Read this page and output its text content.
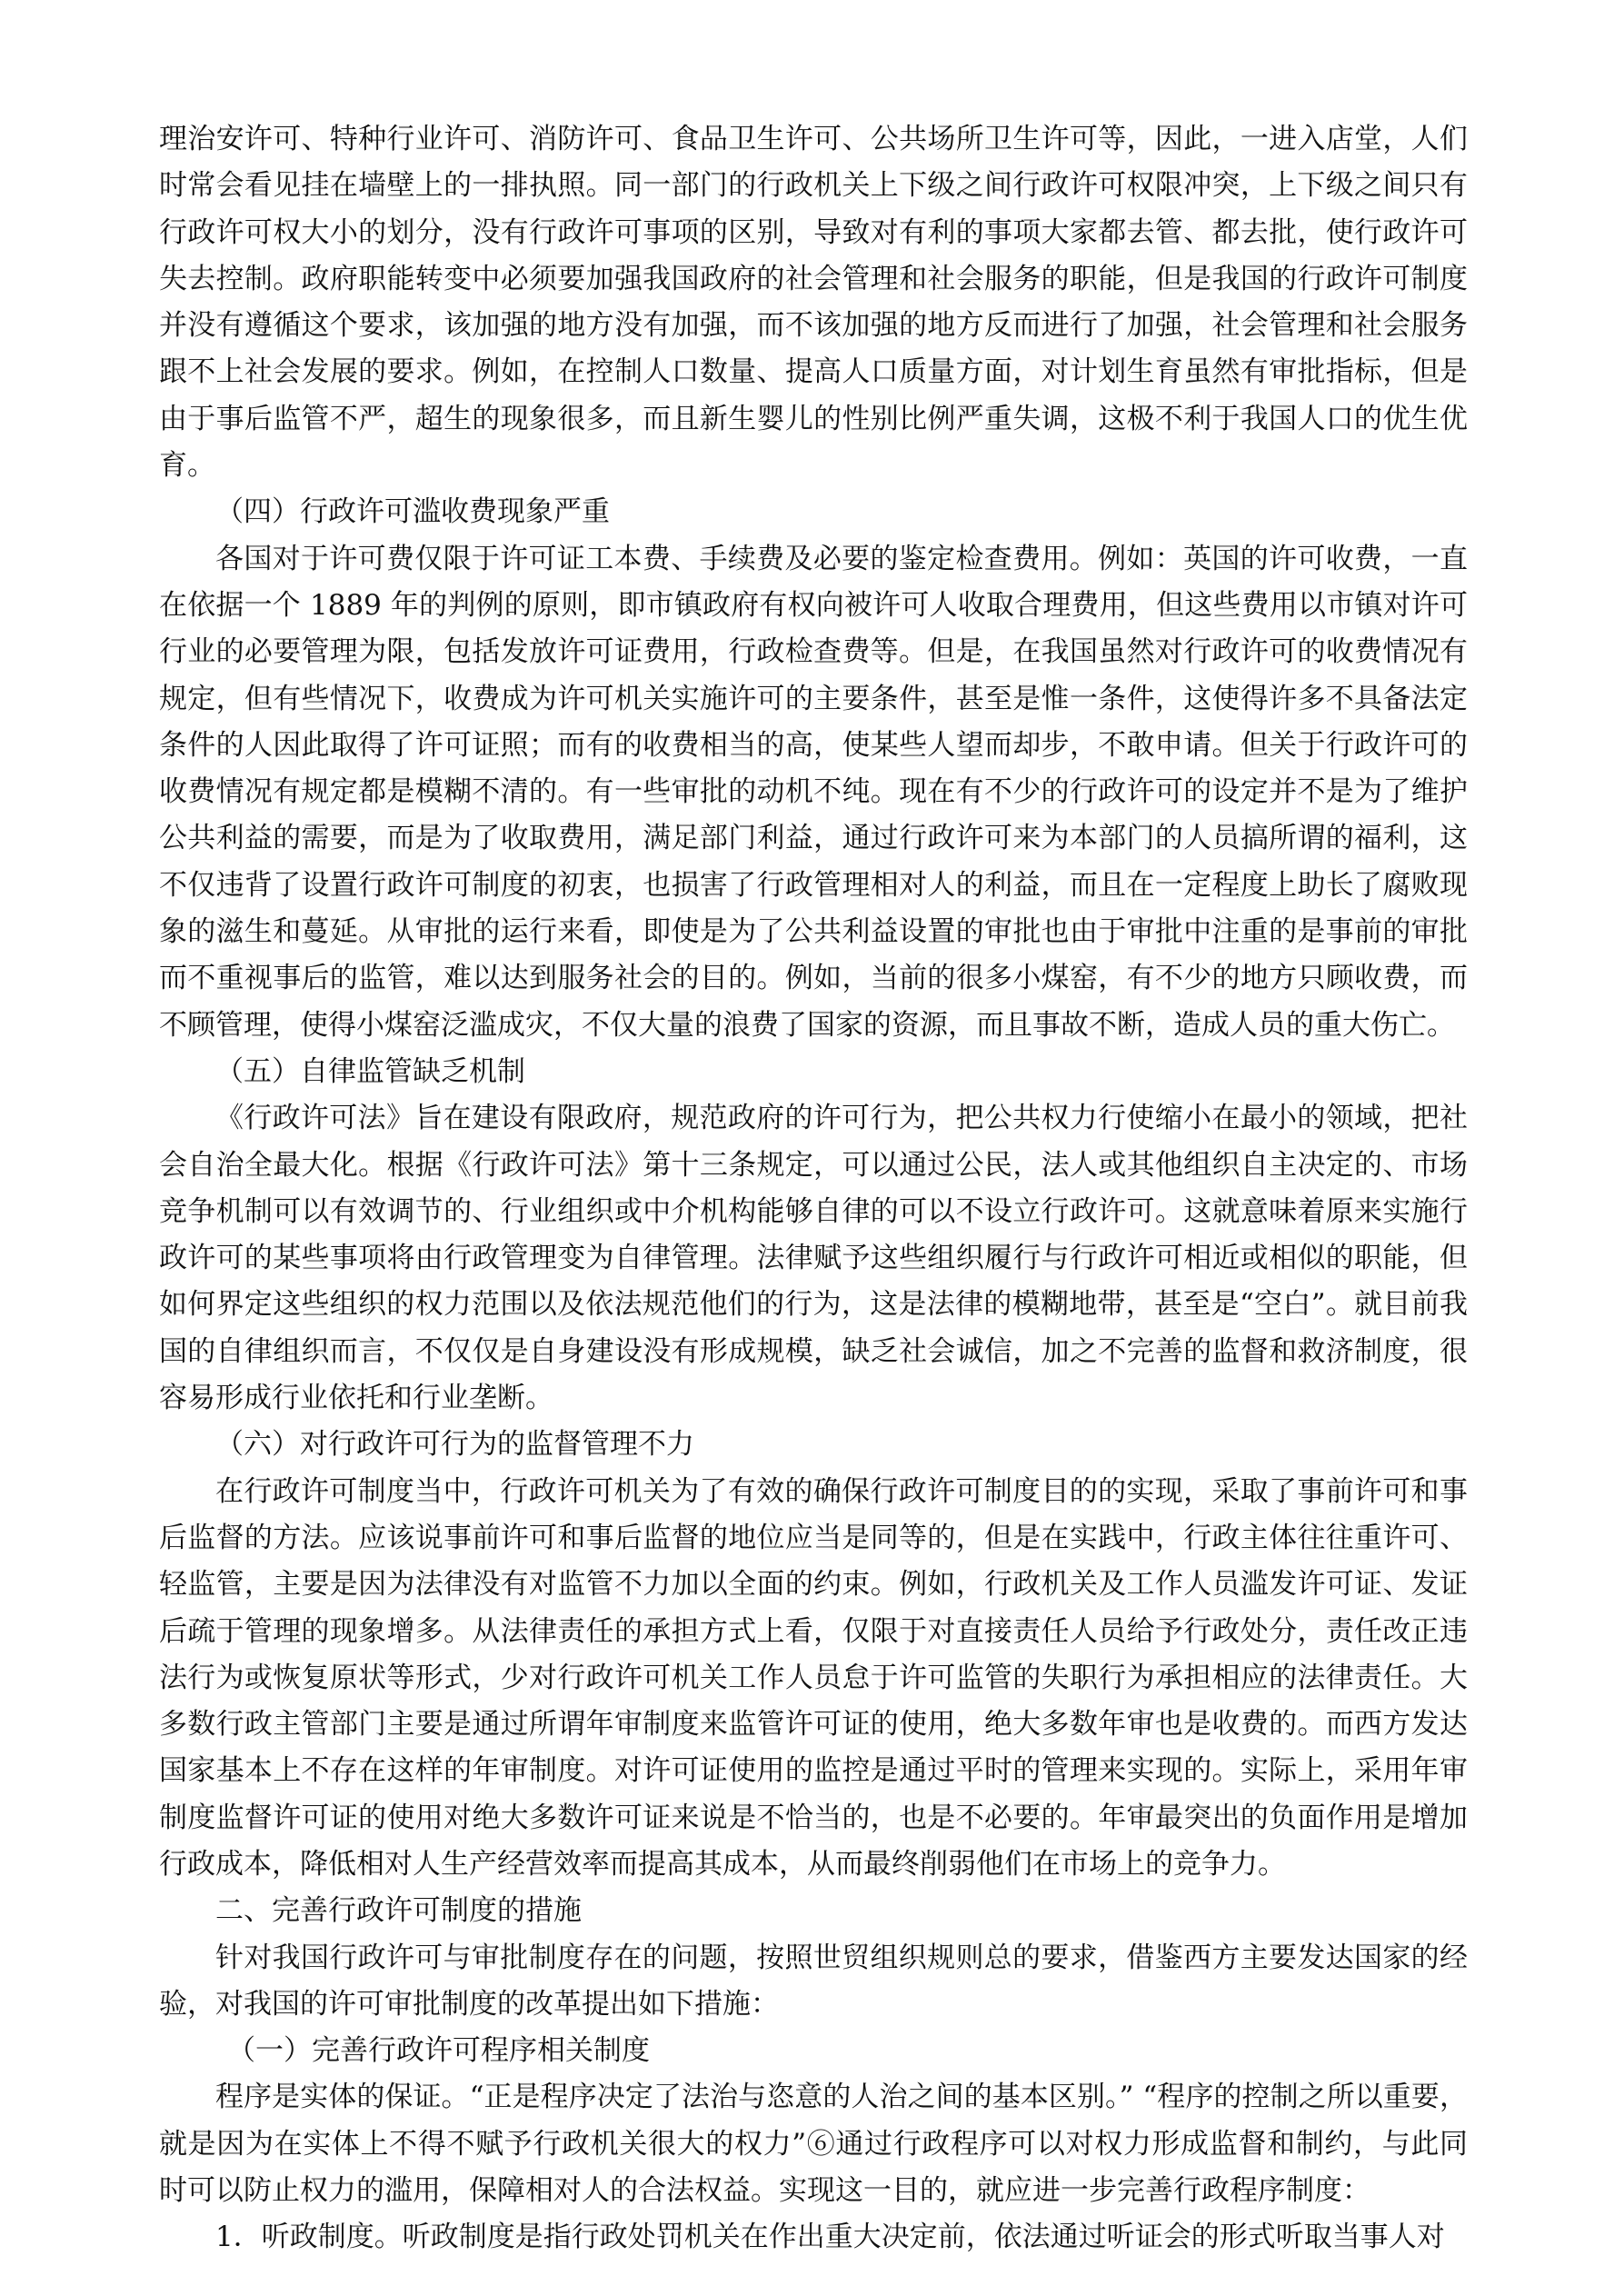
理治安许可、特种行业许可、消防许可、食品卫生许可、公共场所卫生许可等，因此，一进入店堂，人们时常会看见挂在墙壁上的一排执照。同一部门的行政机关上下级之间行政许可权限冲突，上下级之间只有行政许可权大小的划分，没有行政许可事项的区别，导致对有利的事项大家都去管、都去批，使行政许可失去控制。政府职能转变中必须要加强我国政府的社会管理和社会服务的职能，但是我国的行政许可制度并没有遵循这个要求，该加强的地方没有加强，而不该加强的地方反而进行了加强，社会管理和社会服务跟不上社会发展的要求。例如，在控制人口数量、提高人口质量方面，对计划生育虽然有审批指标，但是由于事后监管不严，超生的现象很多，而且新生婴儿的性别比例严重失调，这极不利于我国人口的优生优育。

（四）行政许可滥收费现象严重

各国对于许可费仅限于许可证工本费、手续费及必要的鉴定检查费用。例如：英国的许可收费，一直在依据一个 1889 年的判例的原则，即市镇政府有权向被许可人收取合理费用，但这些费用以市镇对许可行业的必要管理为限，包括发放许可证费用，行政检查费等。但是，在我国虽然对行政许可的收费情况有规定，但有些情况下，收费成为许可机关实施许可的主要条件，甚至是惟一条件，这使得许多不具备法定条件的人因此取得了许可证照；而有的收费相当的高，使某些人望而却步，不敢申请。但关于行政许可的收费情况有规定都是模糊不清的。有一些审批的动机不纯。现在有不少的行政许可的设定并不是为了维护公共利益的需要，而是为了收取费用，满足部门利益，通过行政许可来为本部门的人员搞所谓的福利，这不仅违背了设置行政许可制度的初衷，也损害了行政管理相对人的利益，而且在一定程度上助长了腐败现象的滋生和蔓延。从审批的运行来看，即使是为了公共利益设置的审批也由于审批中注重的是事前的审批而不重视事后的监管，难以达到服务社会的目的。例如，当前的很多小煤窑，有不少的地方只顾收费，而不顾管理，使得小煤窑泛滥成灾，不仅大量的浪费了国家的资源，而且事故不断，造成人员的重大伤亡。

（五）自律监管缺乏机制

《行政许可法》旨在建设有限政府，规范政府的许可行为，把公共权力行使缩小在最小的领域，把社会自治全最大化。根据《行政许可法》第十三条规定，可以通过公民，法人或其他组织自主决定的、市场竞争机制可以有效调节的、行业组织或中介机构能够自律的可以不设立行政许可。这就意味着原来实施行政许可的某些事项将由行政管理变为自律管理。法律赋予这些组织履行与行政许可相近或相似的职能，但如何界定这些组织的权力范围以及依法规范他们的行为，这是法律的模糊地带，甚至是“空白”。就目前我国的自律组织而言，不仅仅是自身建设没有形成规模，缺乏社会诚信，加之不完善的监督和救济制度，很容易形成行业依托和行业垄断。

（六）对行政许可行为的监督管理不力

在行政许可制度当中，行政许可机关为了有效的确保行政许可制度目的的实现，采取了事前许可和事后监督的方法。应该说事前许可和事后监督的地位应当是同等的，但是在实践中，行政主体往往重许可、轻监管，主要是因为法律没有对监管不力加以全面的约束。例如，行政机关及工作人员滥发许可证、发证后疏于管理的现象增多。从法律责任的承担方式上看，仅限于对直接责任人员给予行政处分，责任改正违法行为或恢复原状等形式，少对行政许可机关工作人员怠于许可监管的失职行为承担相应的法律责任。大多数行政主管部门主要是通过所谓年审制度来监管许可证的使用，绝大多数年审也是收费的。而西方发达国家基本上不存在这样的年审制度。对许可证使用的监控是通过平时的管理来实现的。实际上，采用年审制度监督许可证的使用对绝大多数许可证来说是不恰当的，也是不必要的。年审最突出的负面作用是增加行政成本，降低相对人生产经营效率而提高其成本，从而最终削弱他们在市场上的竞争力。

二、完善行政许可制度的措施

针对我国行政许可与审批制度存在的问题，按照世贸组织规则总的要求，借鉴西方主要发达国家的经验，对我国的许可审批制度的改革提出如下措施：

（一）完善行政许可程序相关制度

程序是实体的保证。“正是程序决定了法治与恣意的人治之间的基本区别。” “程序的控制之所以重要，就是因为在实体上不得不赋予行政机关很大的权力”⑥通过行政程序可以对权力形成监督和制约，与此同时可以防止权力的滥用，保障相对人的合法权益。实现这一目的，就应进一步完善行政程序制度：

1．听政制度。听政制度是指行政处罚机关在作出重大决定前，依法通过听证会的形式听取当事人对
